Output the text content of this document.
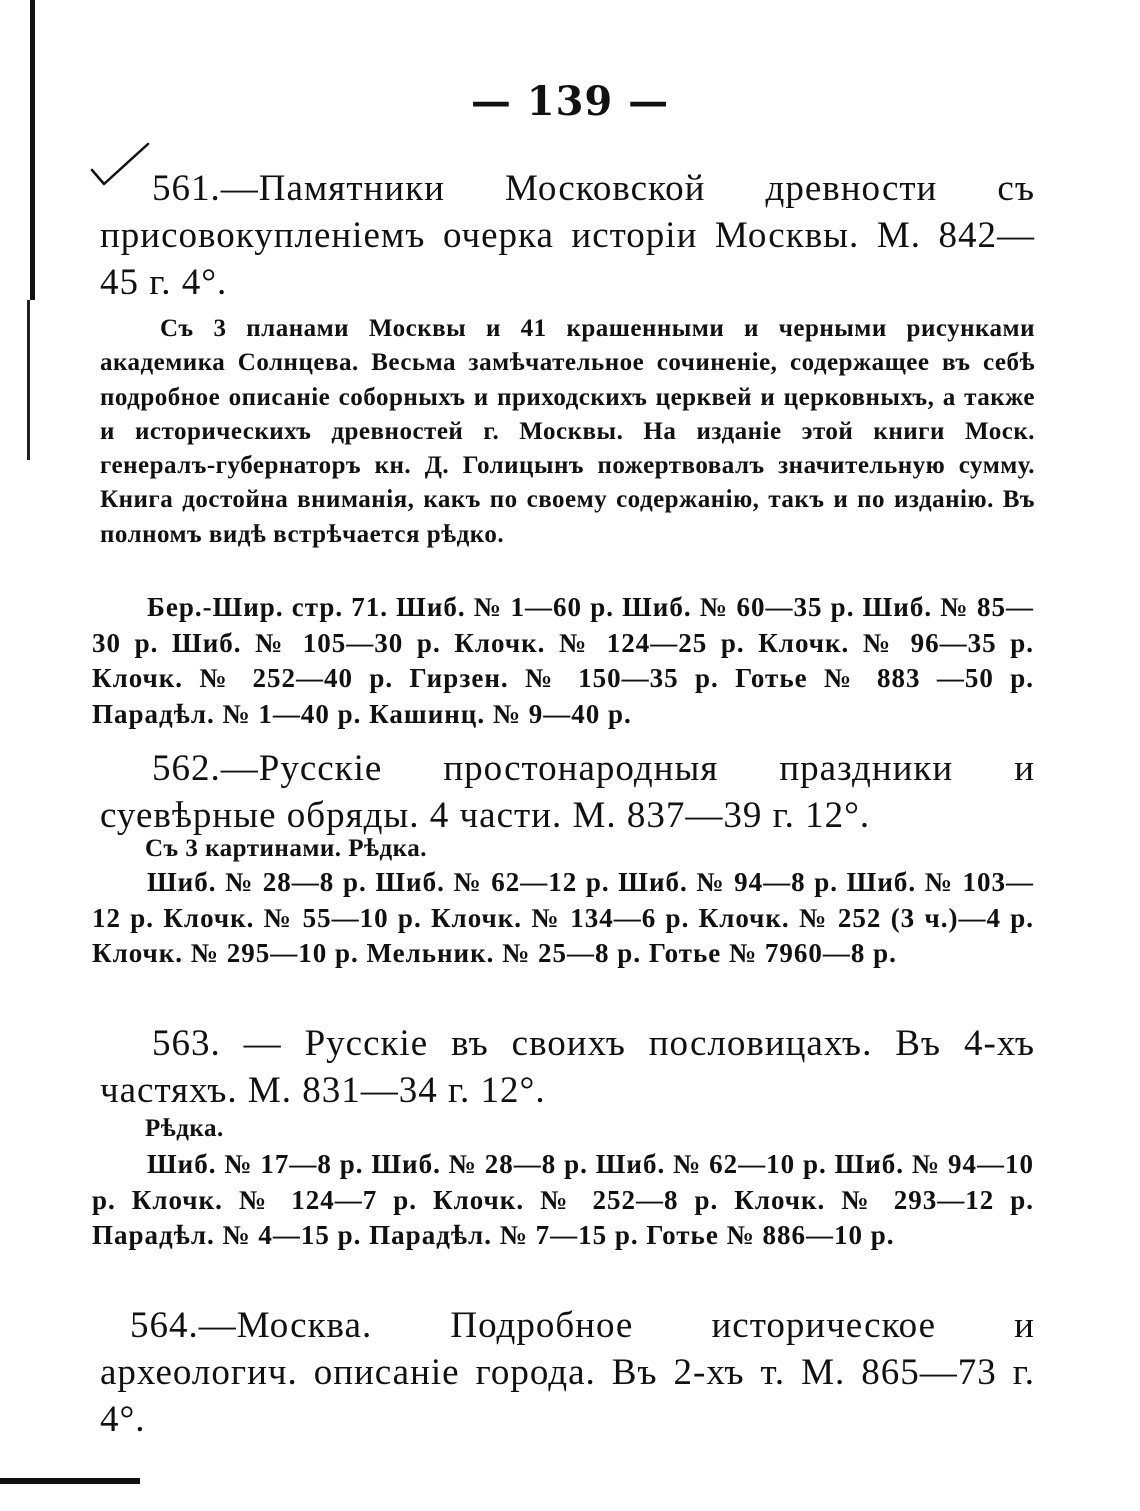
— 139 —
561.—Памятники Московской древности съ присовокупленіемъ очерка исторіи Москвы. М. 842—45 г. 4°.
Съ 3 планами Москвы и 41 крашенными и черными рисунками академика Солнцева. Весьма замѣчательное сочиненіе, содержащее въ себѣ подробное описаніе соборныхъ и приходскихъ церквей и церковныхъ, а также и историческихъ древностей г. Москвы. На изданіе этой книги Моск. генералъ-губернаторъ кн. Д. Голицынъ пожертвовалъ значительную сумму. Книга достойна вниманія, какъ по своему содержанію, такъ и по изданію. Въ полномъ видѣ встрѣчается рѣдко.
Бер.-Шир. стр. 71. Шиб. № 1—60 р. Шиб. № 60—35 р. Шиб. № 85—30 р. Шиб. № 105—30 р. Клочк. № 124—25 р. Клочк. № 96—35 р. Клочк. № 252—40 р. Гирзен. № 150—35 р. Готье № 883 —50 р. Парадѣл. № 1—40 р. Кашинц. № 9—40 р.
562.—Русскіе простонародныя праздники и суевѣрные обряды. 4 части. М. 837—39 г. 12°.
Съ 3 картинами. Рѣдка.
Шиб. № 28—8 р. Шиб. № 62—12 р. Шиб. № 94—8 р. Шиб. № 103—12 р. Клочк. № 55—10 р. Клочк. № 134—6 р. Клочк. № 252 (3 ч.)—4 р. Клочк. № 295—10 р. Мельник. № 25—8 р. Готье № 7960—8 р.
563. — Русскіе въ своихъ пословицахъ. Въ 4-хъ частяхъ. М. 831—34 г. 12°.
Рѣдка.
Шиб. № 17—8 р. Шиб. № 28—8 р. Шиб. № 62—10 р. Шиб. № 94—10 р. Клочк. № 124—7 р. Клочк. № 252—8 р. Клочк. № 293—12 р. Парадѣл. № 4—15 р. Парадѣл. № 7—15 р. Готье № 886—10 р.
564.—Москва. Подробное историческое и археологич. описаніе города. Въ 2-хъ т. М. 865—73 г. 4°.
